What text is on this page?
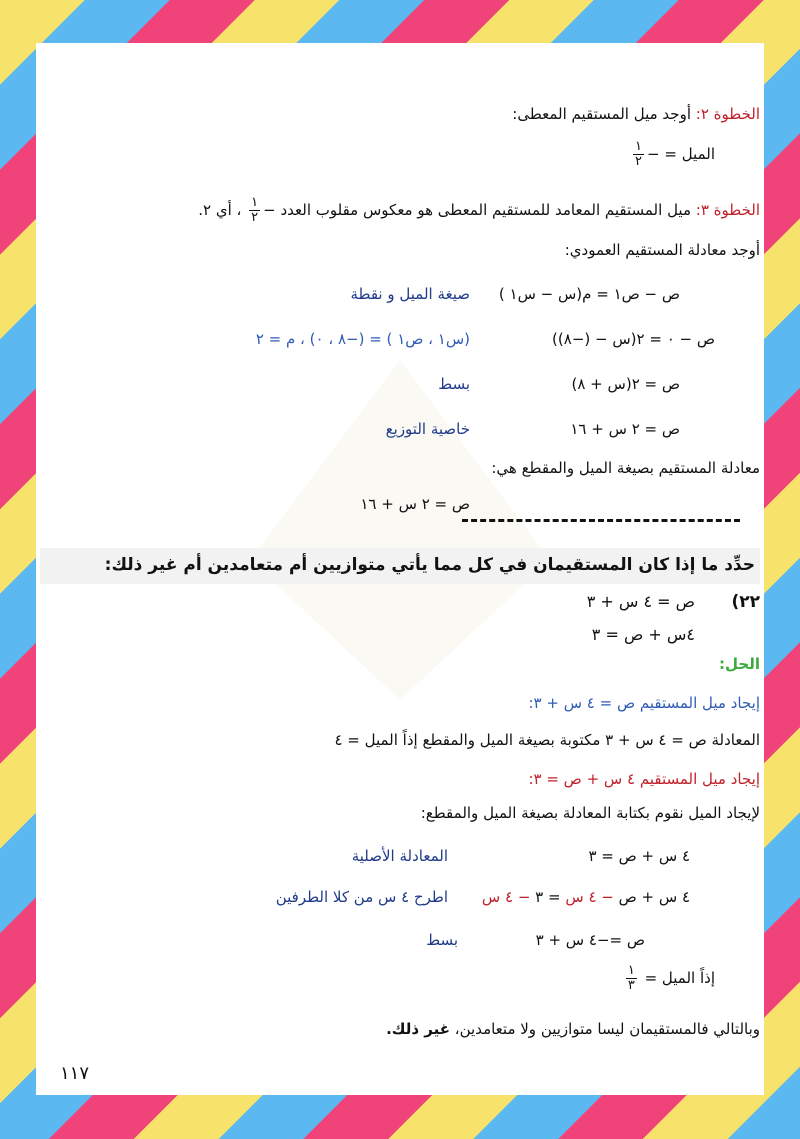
الخطوة ٢: أوجد ميل المستقيم المعطى:
الميل = −
$\frac{١}{٢}$
الخطوة ٣: ميل المستقيم المعامد للمستقيم المعطى هو معكوس مقلوب العدد −
$\frac{١}{٢}$
، أي ٢.
أوجد معادلة المستقيم العمودي:
ص − ص١ = م(س − س١ )
صيغة الميل و نقطة
ص − ٠ = ٢(س − (−٨))
(س١ ، ص١ ) = (−٨ ، ٠) ، م = ٢
ص = ٢(س + ٨)
بسط
ص = ٢ س + ١٦
خاصية التوزيع
معادلة المستقيم بصيغة الميل والمقطع هي:
ص = ٢ س + ١٦
حدِّد ما إذا كان المستقيمان في كل مما يأتي متوازيين أم متعامدين أم غير ذلك:
٢٢)
ص = ٤ س + ٣
٤س + ص = ٣
الحل:
إيجاد ميل المستقيم ص = ٤ س + ٣:
المعادلة ص = ٤ س + ٣ مكتوبة بصيغة الميل والمقطع إذاً الميل = ٤
إيجاد ميل المستقيم ٤ س + ص = ٣:
لإيجاد الميل نقوم بكتابة المعادلة بصيغة الميل والمقطع:
٤ س + ص = ٣
المعادلة الأصلية
٤ س + ص − ٤ س = ٣ − ٤ س
اطرح ٤ س من كلا الطرفين
ص =−٤ س + ٣
بسط
إذاً الميل =
$\frac{١}{٣}$
وبالتالي فالمستقيمان ليسا متوازيين ولا متعامدين، غير ذلك.
١١٧
